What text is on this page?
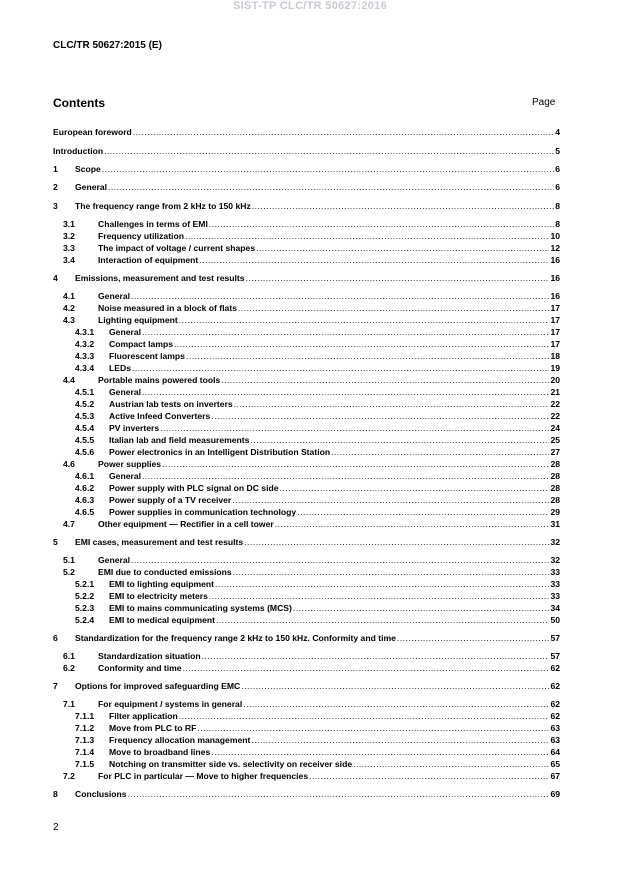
SIST-TP CLC/TR 50627:2016
CLC/TR 50627:2015 (E)
Contents	Page
European foreword .....	4
Introduction .....	5
1	Scope .....	6
2	General .....	6
3	The frequency range from 2 kHz to 150 kHz .....	8
3.1	Challenges in terms of EMI .....	8
3.2	Frequency utilization .....	10
3.3	The impact of voltage / current shapes .....	12
3.4	Interaction of equipment .....	16
4	Emissions, measurement and test results .....	16
4.1	General .....	16
4.2	Noise measured in a block of flats .....	17
4.3	Lighting equipment .....	17
4.3.1	General .....	17
4.3.2	Compact lamps .....	17
4.3.3	Fluorescent lamps .....	18
4.3.4	LEDs .....	19
4.4	Portable mains powered tools .....	20
4.5.1	General .....	21
4.5.2	Austrian lab tests on inverters .....	22
4.5.3	Active Infeed Converters .....	22
4.5.4	PV inverters .....	24
4.5.5	Italian lab and field measurements .....	25
4.5.6	Power electronics in an Intelligent Distribution Station .....	27
4.6	Power supplies .....	28
4.6.1	General .....	28
4.6.2	Power supply with PLC signal on DC side .....	28
4.6.3	Power supply of a TV receiver .....	28
4.6.5	Power supplies in communication technology .....	29
4.7	Other equipment — Rectifier in a cell tower .....	31
5	EMI cases, measurement and test results .....	32
5.1	General .....	32
5.2	EMI due to conducted emissions .....	33
5.2.1	EMI to lighting equipment .....	33
5.2.2	EMI to electricity meters .....	33
5.2.3	EMI to mains communicating systems (MCS) .....	34
5.2.4	EMI to medical equipment .....	50
6	Standardization for the frequency range 2 kHz to 150 kHz. Conformity and time .....	57
6.1	Standardization situation .....	57
6.2	Conformity and time .....	62
7	Options for improved safeguarding EMC .....	62
7.1	For equipment / systems in general .....	62
7.1.1	Filter application .....	62
7.1.2	Move from PLC to RF .....	63
7.1.3	Frequency allocation management .....	63
7.1.4	Move to broadband lines .....	64
7.1.5	Notching on transmitter side vs. selectivity on receiver side .....	65
7.2	For PLC in particular — Move to higher frequencies .....	67
8	Conclusions .....	69
2
